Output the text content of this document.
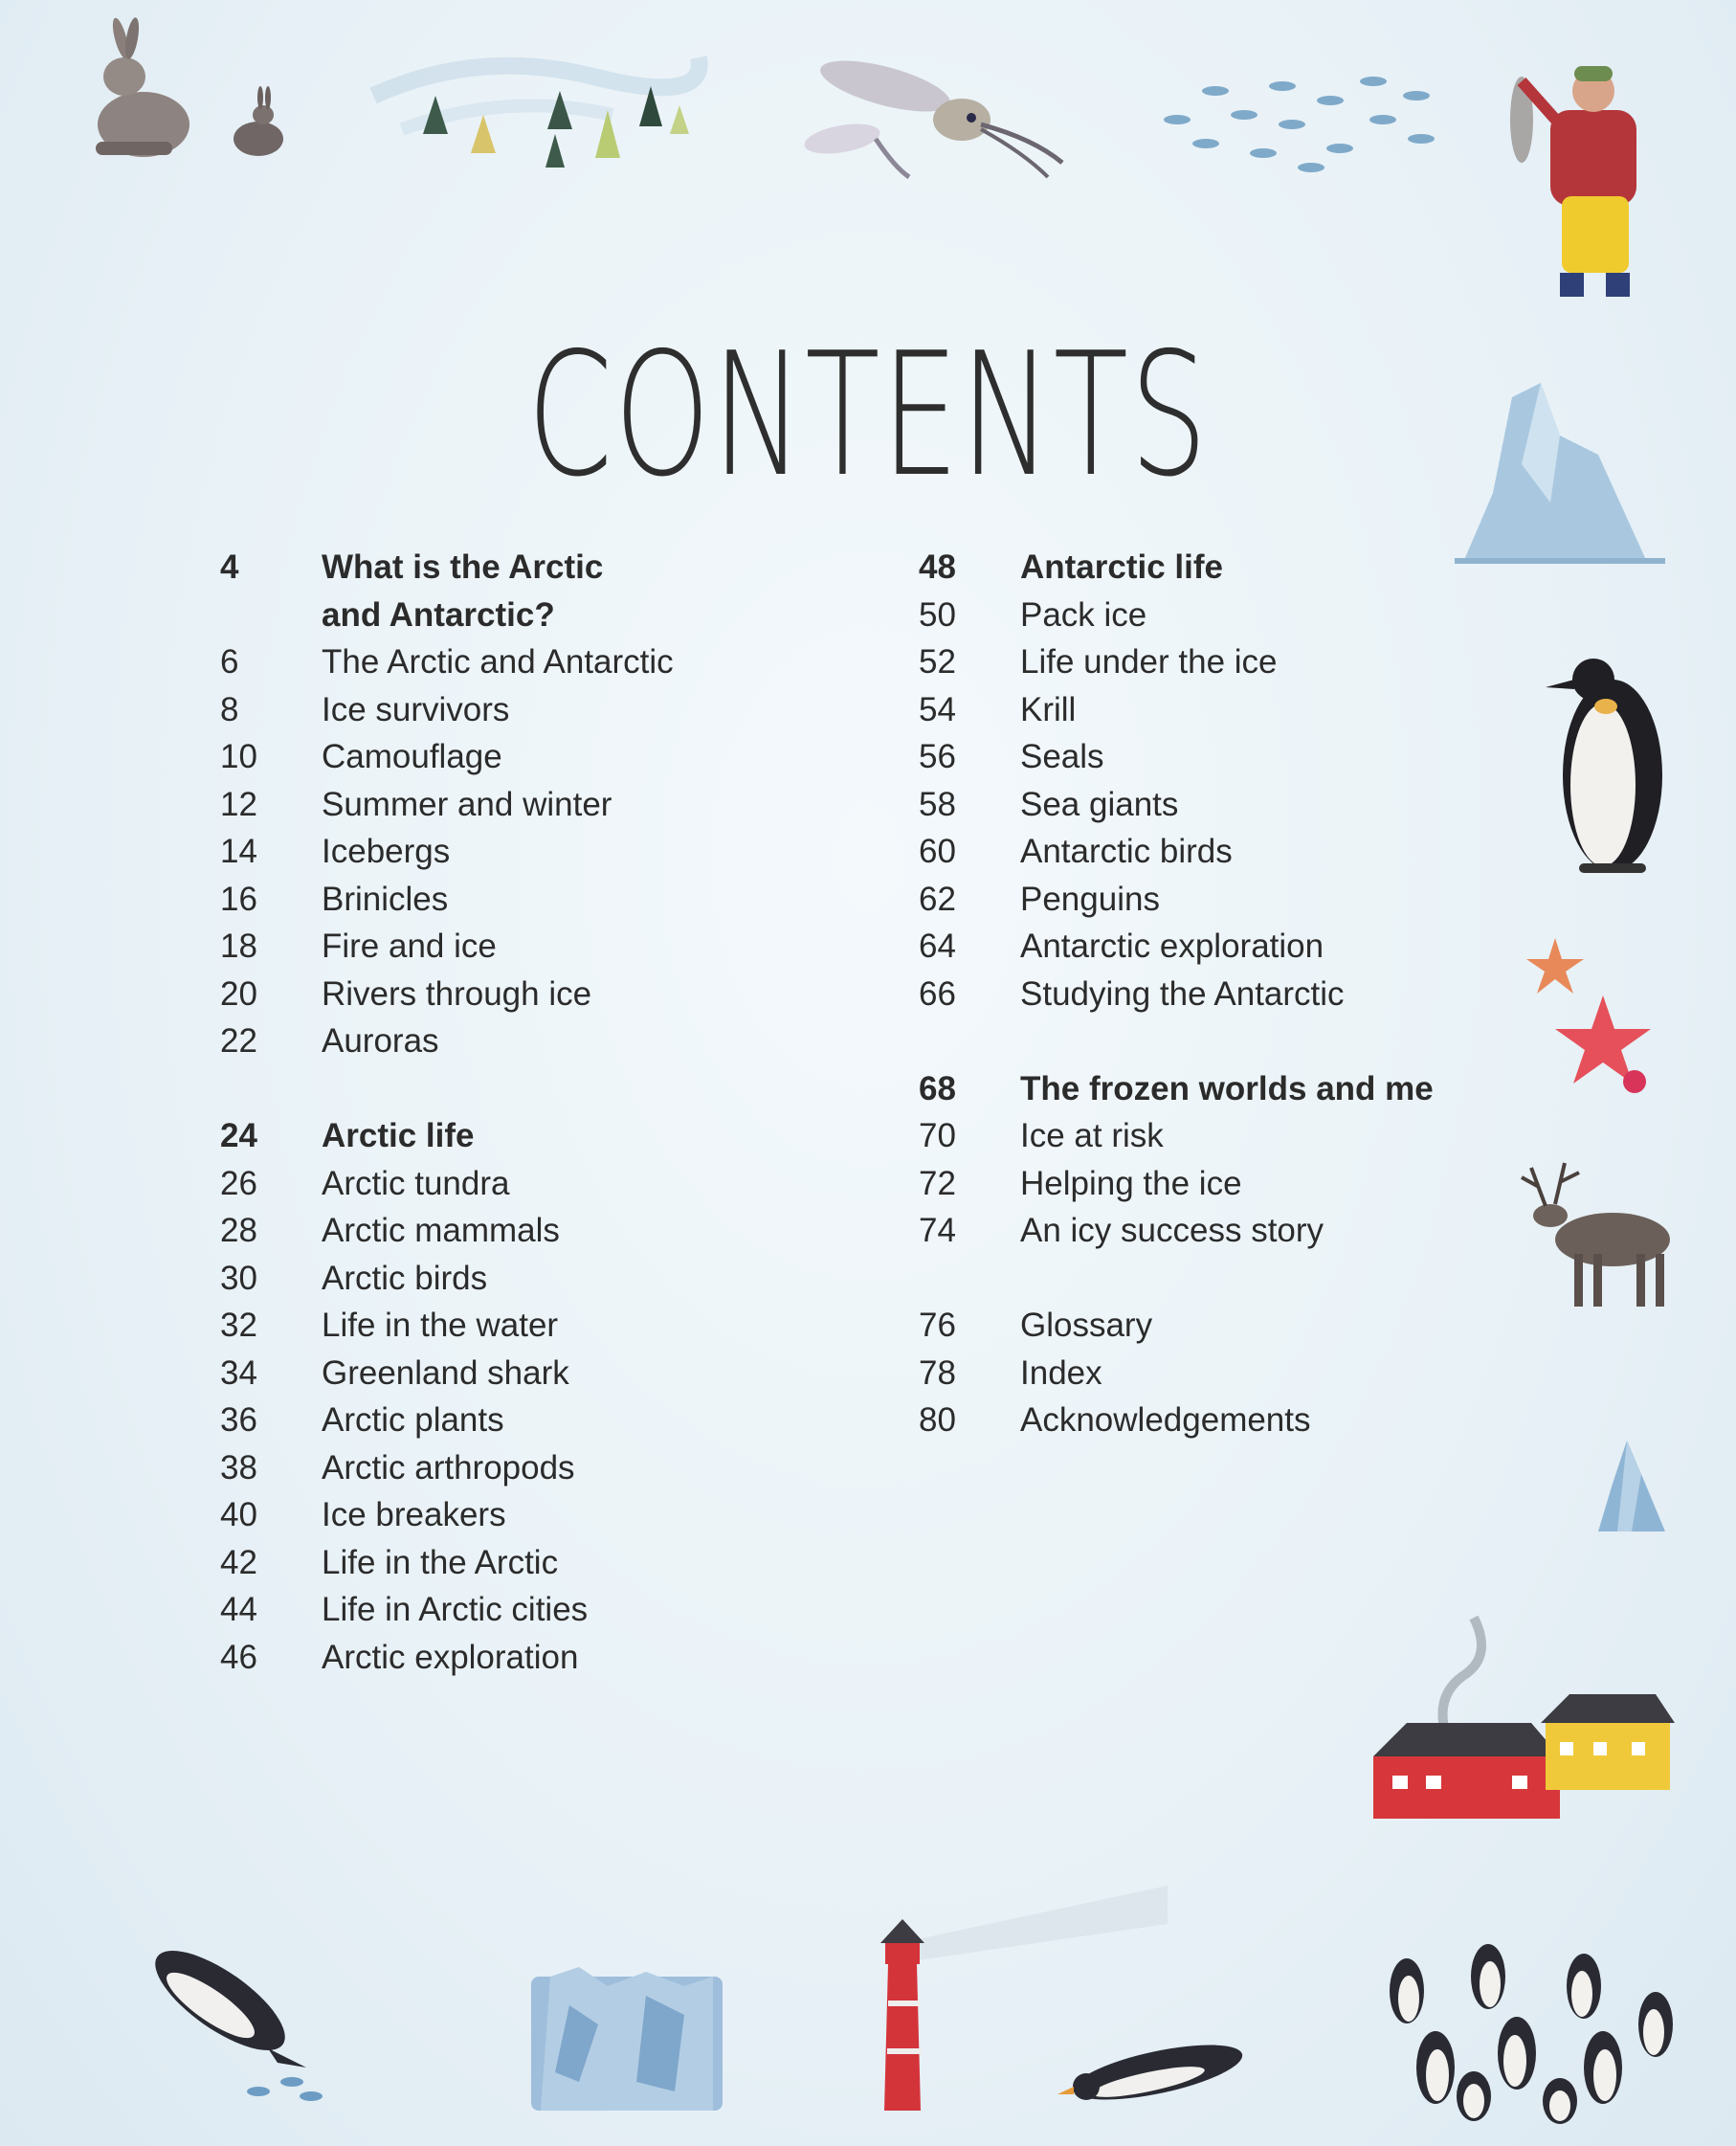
CONTENTS
4	What is the Arctic
and Antarctic?
6	The Arctic and Antarctic
8	Ice survivors
10	Camouflage
12	Summer and winter
14	Icebergs
16	Brinicles
18	Fire and ice
20	Rivers through ice
22	Auroras
24	Arctic life
26	Arctic tundra
28	Arctic mammals
30	Arctic birds
32	Life in the water
34	Greenland shark
36	Arctic plants
38	Arctic arthropods
40	Ice breakers
42	Life in the Arctic
44	Life in Arctic cities
46	Arctic exploration
48	Antarctic life
50	Pack ice
52	Life under the ice
54	Krill
56	Seals
58	Sea giants
60	Antarctic birds
62	Penguins
64	Antarctic exploration
66	Studying the Antarctic
68	The frozen worlds and me
70	Ice at risk
72	Helping the ice
74	An icy success story
76	Glossary
78	Index
80	Acknowledgements
